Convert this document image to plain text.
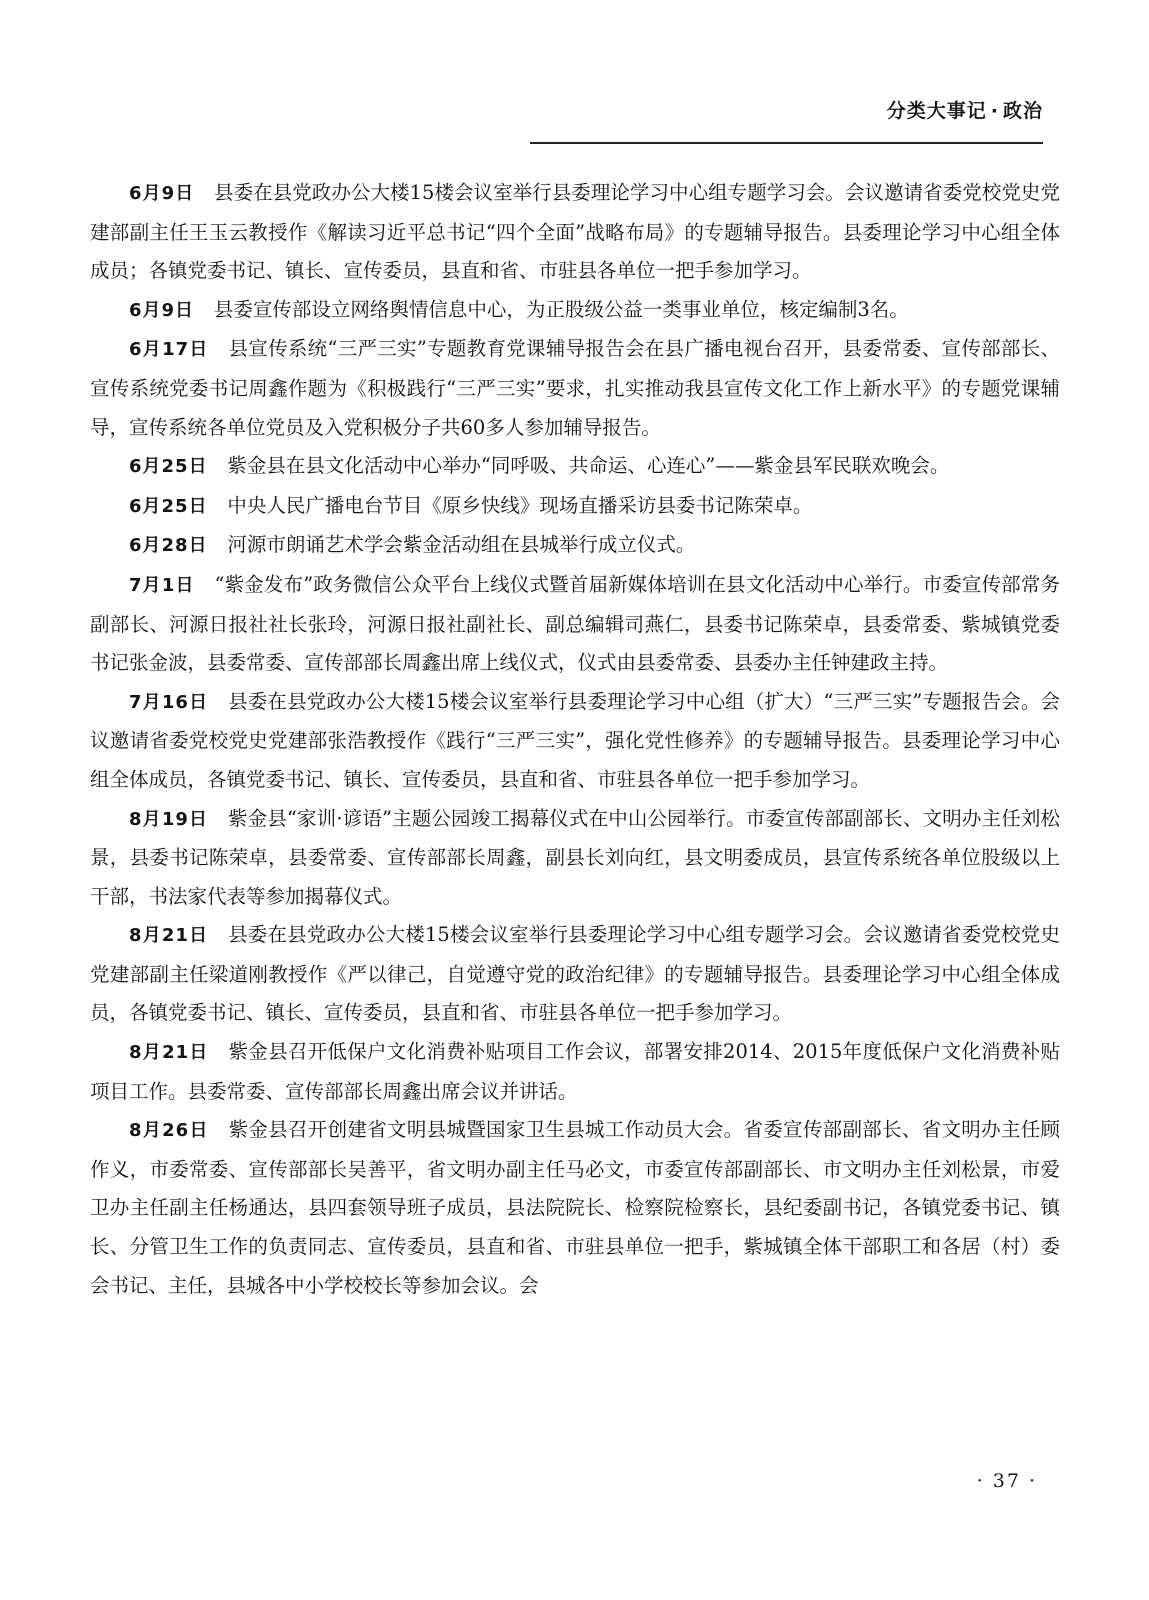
分类大事记 · 政治

6月9日 县委在县党政办公大楼15楼会议室举行县委理论学习中心组专题学习会。会议邀请省委党校党史党建部副主任王玉云教授作《解读习近平总书记“四个全面”战略布局》的专题辅导报告。县委理论学习中心组全体成员；各镇党委书记、镇长、宣传委员，县直和省、市驻县各单位一把手参加学习。

6月9日 县委宣传部设立网络舆情信息中心，为正股级公益一类事业单位，核定编制3名。

6月17日 县宣传系统“三严三实”专题教育党课辅导报告会在县广播电视台召开，县委常委、宣传部部长、宣传系统党委书记周鑫作题为《积极践行“三严三实”要求，扎实推动我县宣传文化工作上新水平》的专题党课辅导，宣传系统各单位党员及入党积极分子共60多人参加辅导报告。

6月25日 紫金县在县文化活动中心举办“同呼吸、共命运、心连心”——紫金县军民联欢晚会。

6月25日 中央人民广播电台节目《原乡快线》现场直播采访县委书记陈荣卓。

6月28日 河源市朗诵艺术学会紫金活动组在县城举行成立仪式。

7月1日 “紫金发布”政务微信公众平台上线仪式暨首届新媒体培训在县文化活动中心举行。市委宣传部常务副部长、河源日报社社长张玲，河源日报社副社长、副总编辑司燕仁，县委书记陈荣卓，县委常委、紫城镇党委书记张金波，县委常委、宣传部部长周鑫出席上线仪式，仪式由县委常委、县委办主任钟建政主持。

7月16日 县委在县党政办公大楼15楼会议室举行县委理论学习中心组（扩大）“三严三实”专题报告会。会议邀请省委党校党史党建部张浩教授作《践行“三严三实”，强化党性修养》的专题辅导报告。县委理论学习中心组全体成员，各镇党委书记、镇长、宣传委员，县直和省、市驻县各单位一把手参加学习。

8月19日 紫金县“家训·谚语”主题公园竣工揭幕仪式在中山公园举行。市委宣传部副部长、文明办主任刘松景，县委书记陈荣卓，县委常委、宣传部部长周鑫，副县长刘向红，县文明委成员，县宣传系统各单位股级以上干部，书法家代表等参加揭幕仪式。

8月21日 县委在县党政办公大楼15楼会议室举行县委理论学习中心组专题学习会。会议邀请省委党校党史党建部副主任梁道刚教授作《严以律己，自觉遵守党的政治纪律》的专题辅导报告。县委理论学习中心组全体成员，各镇党委书记、镇长、宣传委员，县直和省、市驻县各单位一把手参加学习。

8月21日 紫金县召开低保户文化消费补贴项目工作会议，部署安排2014、2015年度低保户文化消费补贴项目工作。县委常委、宣传部部长周鑫出席会议并讲话。

8月26日 紫金县召开创建省文明县城暨国家卫生县城工作动员大会。省委宣传部副部长、省文明办主任顾作义，市委常委、宣传部部长吴善平，省文明办副主任马必文，市委宣传部副部长、市文明办主任刘松景，市爱卫办主任副主任杨通达，县四套领导班子成员，县法院院长、检察院检察长，县纪委副书记，各镇党委书记、镇长、分管卫生工作的负责同志、宣传委员，县直和省、市驻县单位一把手，紫城镇全体干部职工和各居（村）委会书记、主任，县城各中小学校校长等参加会议。会

· 37 ·
